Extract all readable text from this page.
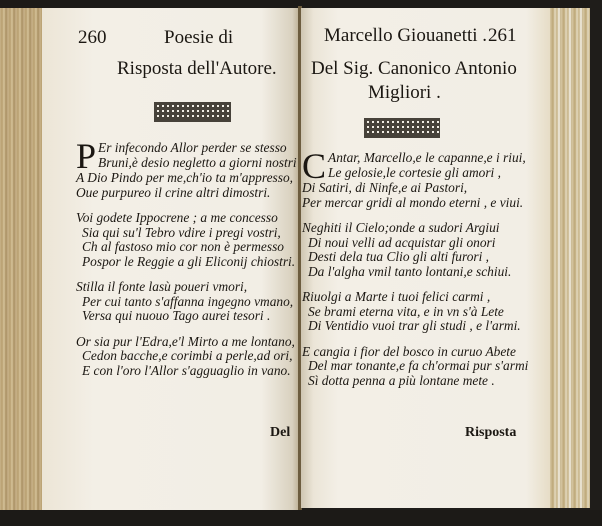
260	Poesie di
Risposta dell'Autore.
P Er infecondo Allor perder se stesso
Bruni,è desio negletto a giorni nostri
A Dio Pindo per me,ch'io ta m'appresso,
Oue purpureo il crine altri dimostri.
Voi godete Ippocrene ; a me concesso
Sia qui su'l Tebro vdire i pregi vostri,
Ch al fastoso mio cor non è permesso
Pospor le Reggie a gli Eliconij chiostri.
Stilla il fonte lasù poueri vmori,
Per cui tanto s'affanna ingegno vmano,
Versa qui nuouo Tago aurei tesori .
Or sia pur l'Edra,e'l Mirto a me lontano,
Cedon bacche,e corimbi a perle,ad ori,
E con l'oro l'Allor s'agguaglio in vano.
Del
Marcello Giouanetti . 261
Del Sig. Canonico Antonio
Migliori .
C Antar, Marcello,e le capanne,e i riui,
Le gelosie,le cortesie gli amori ,
Di Satiri, di Ninfe,e ai Pastori,
Per mercar gridi al mondo eterni , e viui.
Neghiti il Cielo;onde a sudori Argiui
Di noui velli ad acquistar gli onori
Desti dela tua Clio gli alti furori ,
Da l'algha vmil tanto lontani,e schiui.
Riuolgi a Marte i tuoi felici carmi ,
Se brami eterna vita, e in vn s'à Lete
Di Ventidio vuoi trar gli studi , e l'armi.
E cangia i fior del bosco in curuo Abete
Del mar tonante,e fa ch'ormai pur s'armi
Sì dotta penna a più lontane mete .
Risposta
